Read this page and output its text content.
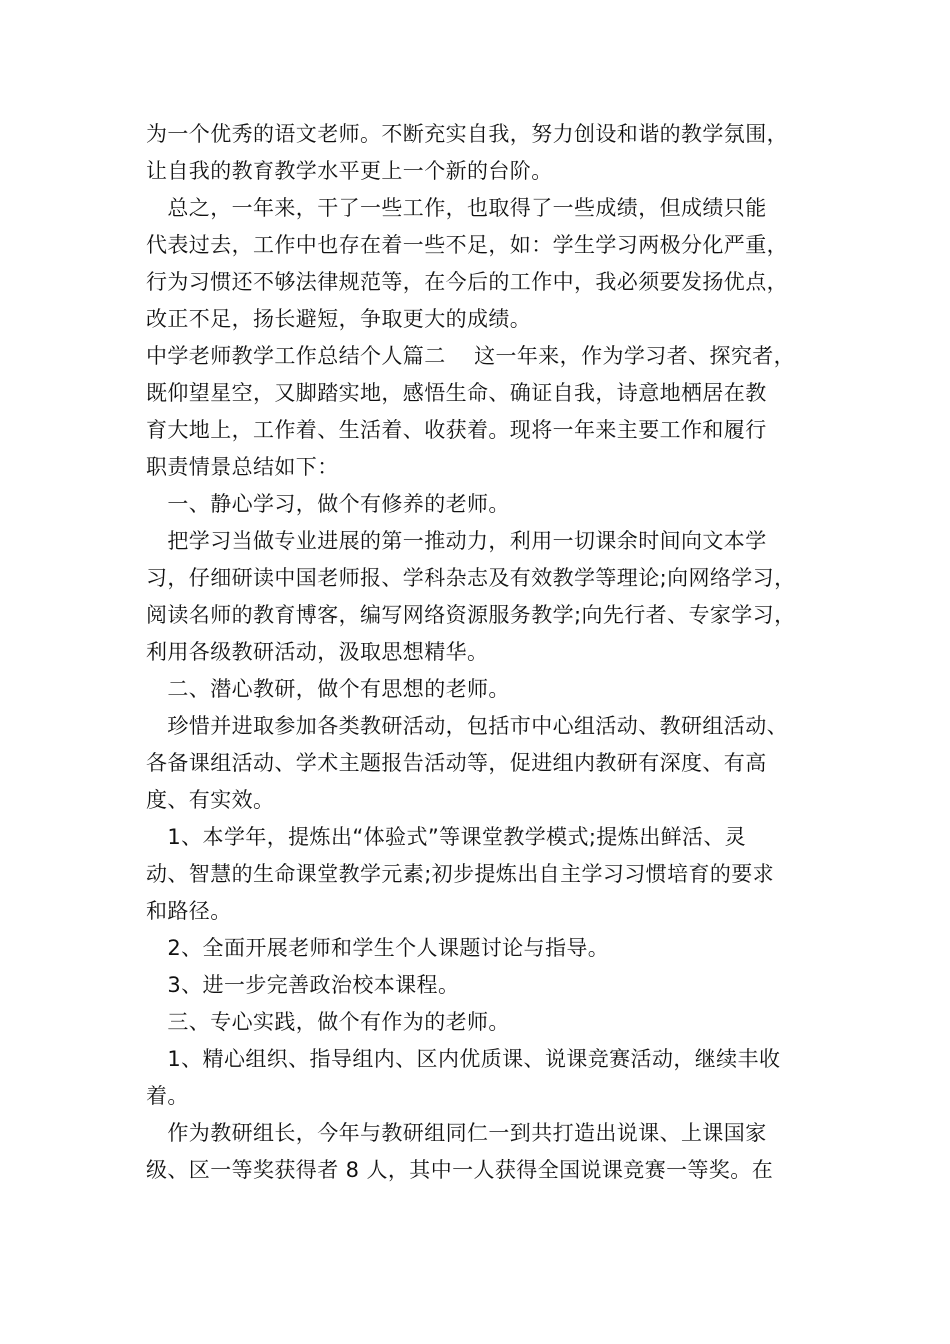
为一个优秀的语文老师。不断充实自我，努力创设和谐的教学氛围，
让自我的教育教学水平更上一个新的台阶。
　总之，一年来，干了一些工作，也取得了一些成绩，但成绩只能
代表过去，工作中也存在着一些不足，如：学生学习两极分化严重，
行为习惯还不够法律规范等，在今后的工作中，我必须要发扬优点，
改正不足，扬长避短，争取更大的成绩。
中学老师教学工作总结个人篇二　 这一年来，作为学习者、探究者，
既仰望星空，又脚踏实地，感悟生命、确证自我，诗意地栖居在教
育大地上，工作着、生活着、收获着。现将一年来主要工作和履行
职责情景总结如下：
　一、静心学习，做个有修养的老师。
　把学习当做专业进展的第一推动力，利用一切课余时间向文本学
习，仔细研读中国老师报、学科杂志及有效教学等理论;向网络学习，
阅读名师的教育博客，编写网络资源服务教学;向先行者、专家学习，
利用各级教研活动，汲取思想精华。
　二、潜心教研，做个有思想的老师。
　珍惜并进取参加各类教研活动，包括市中心组活动、教研组活动、
各备课组活动、学术主题报告活动等，促进组内教研有深度、有高
度、有实效。
　1、本学年，提炼出“体验式”等课堂教学模式;提炼出鲜活、灵
动、智慧的生命课堂教学元素;初步提炼出自主学习习惯培育的要求
和路径。
　2、全面开展老师和学生个人课题讨论与指导。
　3、进一步完善政治校本课程。
　三、专心实践，做个有作为的老师。
　1、精心组织、指导组内、区内优质课、说课竞赛活动，继续丰收
着。
　作为教研组长，今年与教研组同仁一到共打造出说课、上课国家
级、区一等奖获得者 8 人，其中一人获得全国说课竞赛一等奖。在
